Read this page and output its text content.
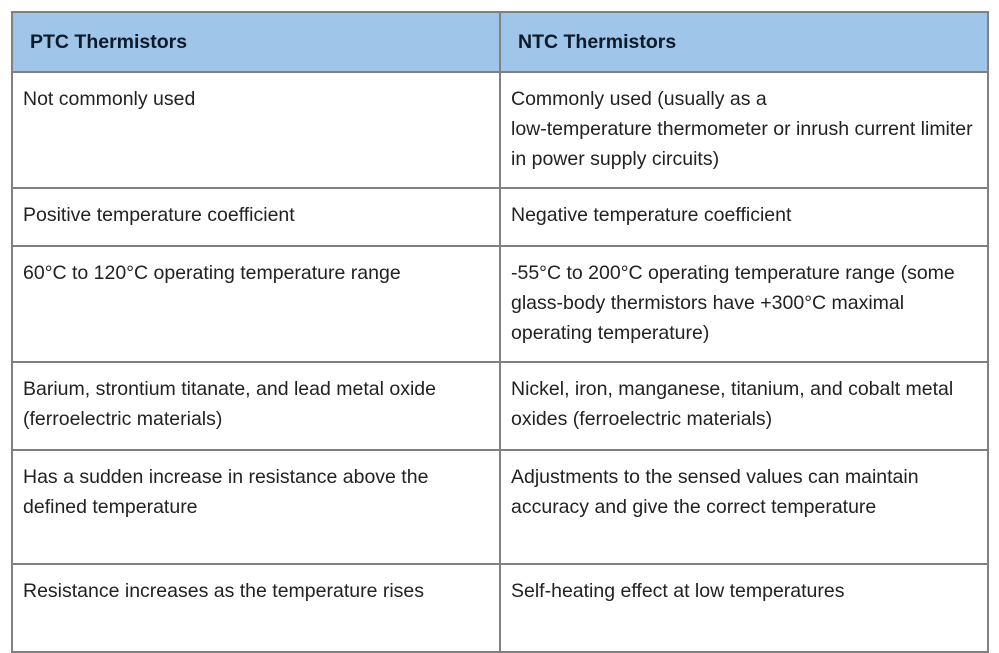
PTC Thermistors	NTC Thermistors
Not commonly used	Commonly used (usually as a
low-temperature thermometer or inrush current limiter in power supply circuits)
Positive temperature coefficient	Negative temperature coefficient
60°C to 120°C operating temperature range	-55°C to 200°C operating temperature range (some glass-body thermistors have +300°C maximal operating temperature)
Barium, strontium titanate, and lead metal oxide (ferroelectric materials)	Nickel, iron, manganese, titanium, and cobalt metal oxides (ferroelectric materials)
Has a sudden increase in resistance above the defined temperature	Adjustments to the sensed values can maintain accuracy and give the correct temperature
Resistance increases as the temperature rises	Self-heating effect at low temperatures
